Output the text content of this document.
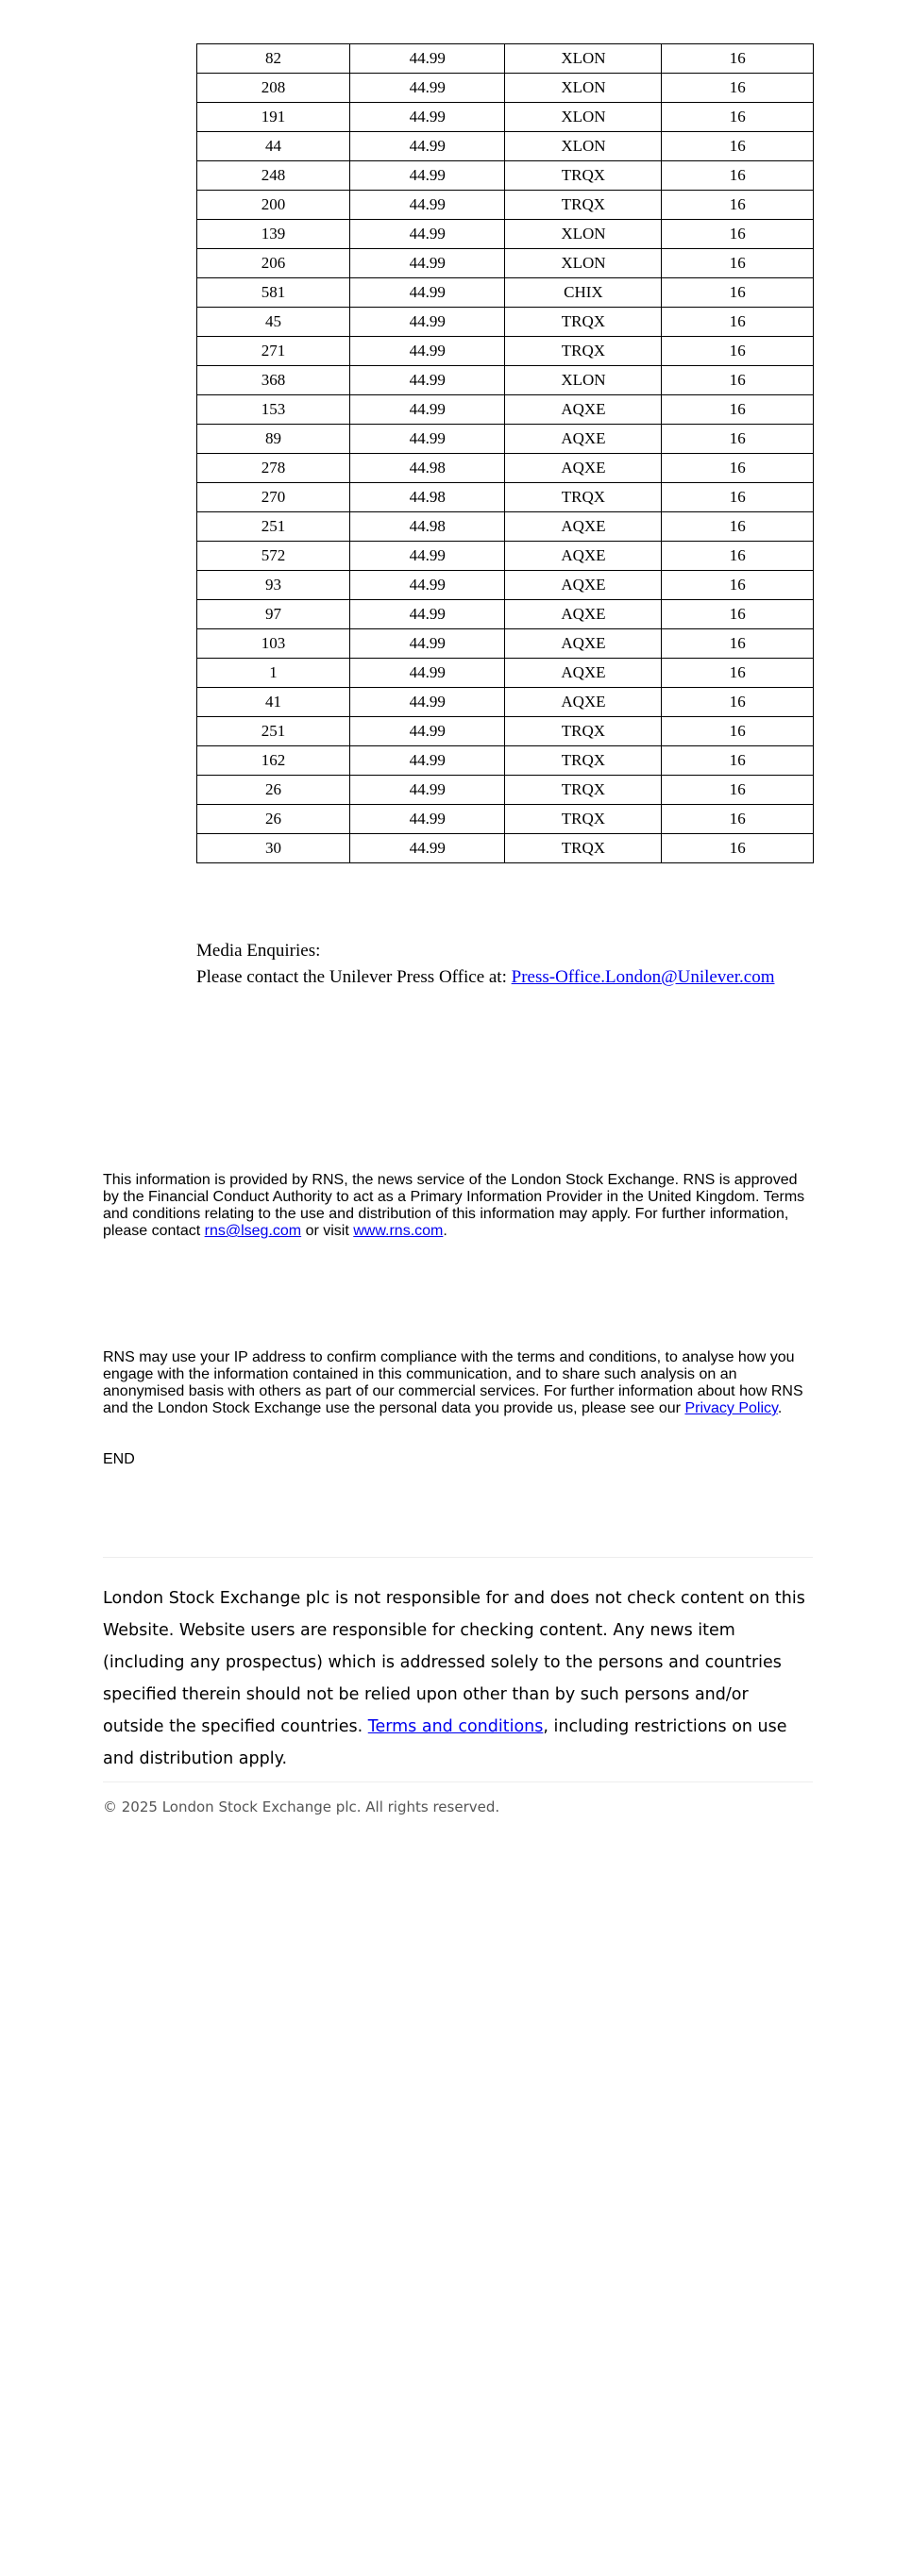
82	44.99	XLON	16
208	44.99	XLON	16
191	44.99	XLON	16
44	44.99	XLON	16
248	44.99	TRQX	16
200	44.99	TRQX	16
139	44.99	XLON	16
206	44.99	XLON	16
581	44.99	CHIX	16
45	44.99	TRQX	16
271	44.99	TRQX	16
368	44.99	XLON	16
153	44.99	AQXE	16
89	44.99	AQXE	16
278	44.98	AQXE	16
270	44.98	TRQX	16
251	44.98	AQXE	16
572	44.99	AQXE	16
93	44.99	AQXE	16
97	44.99	AQXE	16
103	44.99	AQXE	16
1	44.99	AQXE	16
41	44.99	AQXE	16
251	44.99	TRQX	16
162	44.99	TRQX	16
26	44.99	TRQX	16
26	44.99	TRQX	16
30	44.99	TRQX	16
Media Enquiries:
Please contact the Unilever Press Office at: Press-Office.London@Unilever.com

This information is provided by RNS, the news service of the London Stock Exchange. RNS is approved by the Financial Conduct Authority to act as a Primary Information Provider in the United Kingdom. Terms and conditions relating to the use and distribution of this information may apply. For further information, please contact rns@lseg.com or visit www.rns.com.

RNS may use your IP address to confirm compliance with the terms and conditions, to analyse how you engage with the information contained in this communication, and to share such analysis on an anonymised basis with others as part of our commercial services. For further information about how RNS and the London Stock Exchange use the personal data you provide us, please see our Privacy Policy.

END

London Stock Exchange plc is not responsible for and does not check content on this Website. Website users are responsible for checking content. Any news item (including any prospectus) which is addressed solely to the persons and countries specified therein should not be relied upon other than by such persons and/or outside the specified countries. Terms and conditions, including restrictions on use and distribution apply.

© 2025 London Stock Exchange plc. All rights reserved.
